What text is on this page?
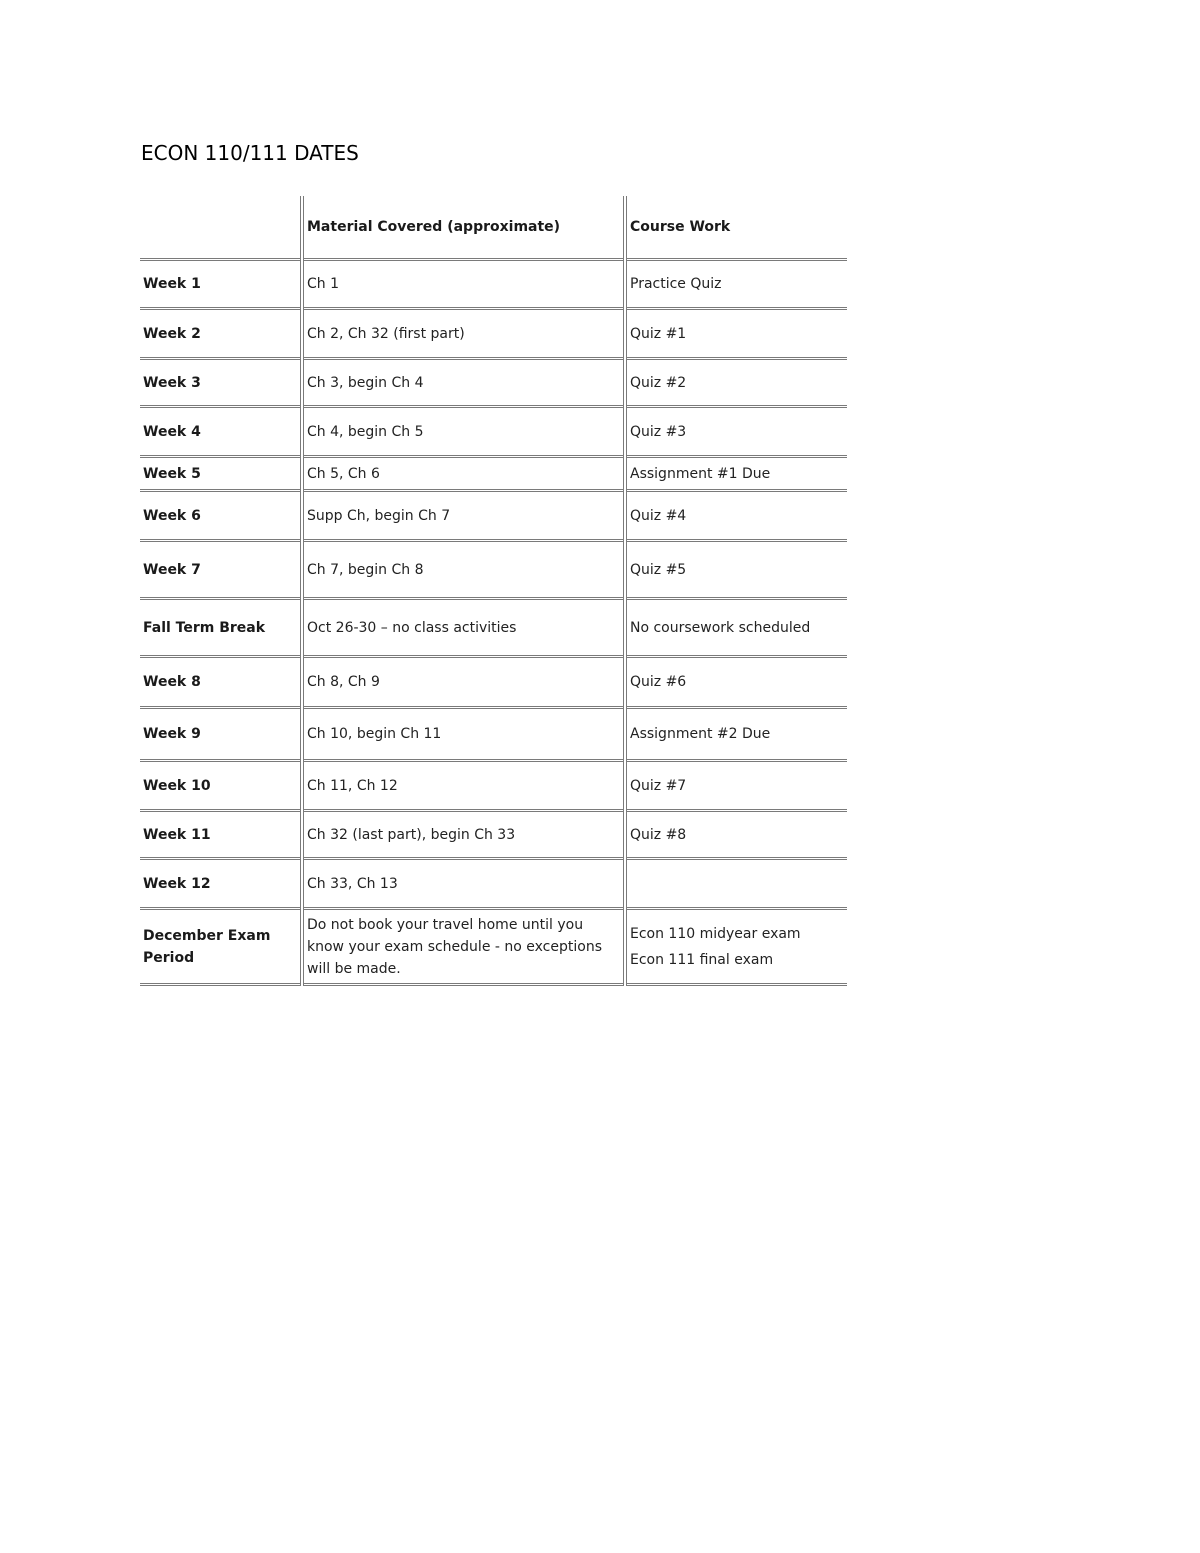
ECON 110/111 DATES
	Material Covered (approximate)	Course Work
Week 1	Ch 1	Practice Quiz
Week 2	Ch 2, Ch 32 (first part)	Quiz #1
Week 3	Ch 3, begin Ch 4	Quiz #2
Week 4	Ch 4, begin Ch 5	Quiz #3
Week 5	Ch 5, Ch 6	Assignment #1 Due
Week 6	Supp Ch, begin Ch 7	Quiz #4
Week 7	Ch 7, begin Ch 8	Quiz #5
Fall Term Break	Oct 26-30 – no class activities	No coursework scheduled
Week 8	Ch 8, Ch 9	Quiz #6
Week 9	Ch 10, begin Ch 11	Assignment #2 Due
Week 10	Ch 11, Ch 12	Quiz #7
Week 11	Ch 32 (last part), begin Ch 33	Quiz #8
Week 12	Ch 33, Ch 13	

December Exam Period	Do not book your travel home until you know your exam schedule - no exceptions will be made.	Econ 110 midyear exam
Econ 111 final exam
